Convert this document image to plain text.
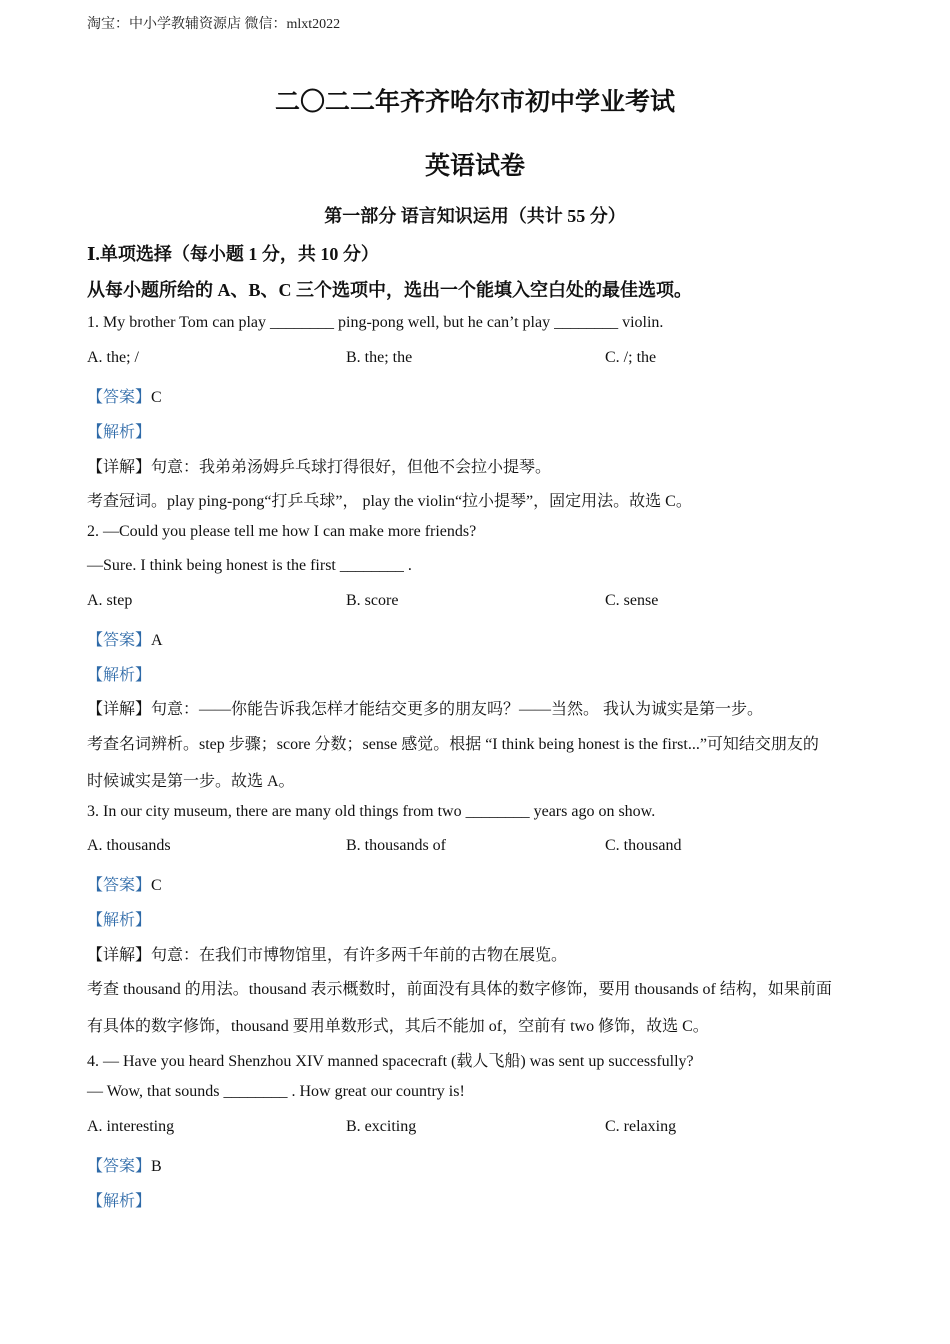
淘宝：中小学教辅资源店 微信：mlxt2022
二〇二二年齐齐哈尔市初中学业考试
英语试卷
第一部分 语言知识运用（共计 55 分）
Ⅰ.单项选择（每小题 1 分，共 10 分）
从每小题所给的 A、B、C 三个选项中，选出一个能填入空白处的最佳选项。
1. My brother Tom can play ________ ping-pong well, but he can’t play ________ violin.
A. the; /	B. the; the	C. /; the
【答案】C
【解析】
【详解】句意：我弟弟汤姆乒乓球打得很好，但他不会拉小提琴。
考查冠词。play ping-pong“打乒乓球”， play the violin“拉小提琴”，固定用法。故选 C。
2. —Could you please tell me how I can make more friends?
—Sure. I think being honest is the first ________ .
A. step	B. score	C. sense
【答案】A
【解析】
【详解】句意：——你能告诉我怎样才能结交更多的朋友吗？——当然。 我认为诚实是第一步。
考查名词辨析。step 步骤；score 分数；sense 感觉。根据 “I think being honest is the first...”可知结交朋友的
时候诚实是第一步。故选 A。
3. In our city museum, there are many old things from two ________ years ago on show.
A. thousands	B. thousands of	C. thousand
【答案】C
【解析】
【详解】句意：在我们市博物馆里，有许多两千年前的古物在展览。
考查 thousand 的用法。thousand 表示概数时，前面没有具体的数字修饰，要用 thousands of 结构，如果前面
有具体的数字修饰，thousand 要用单数形式，其后不能加 of，空前有 two 修饰，故选 C。
4. — Have you heard Shenzhou XIV manned spacecraft (载人飞船) was sent up successfully?
— Wow, that sounds ________ . How great our country is!
A. interesting	B. exciting	C. relaxing
【答案】B
【解析】
